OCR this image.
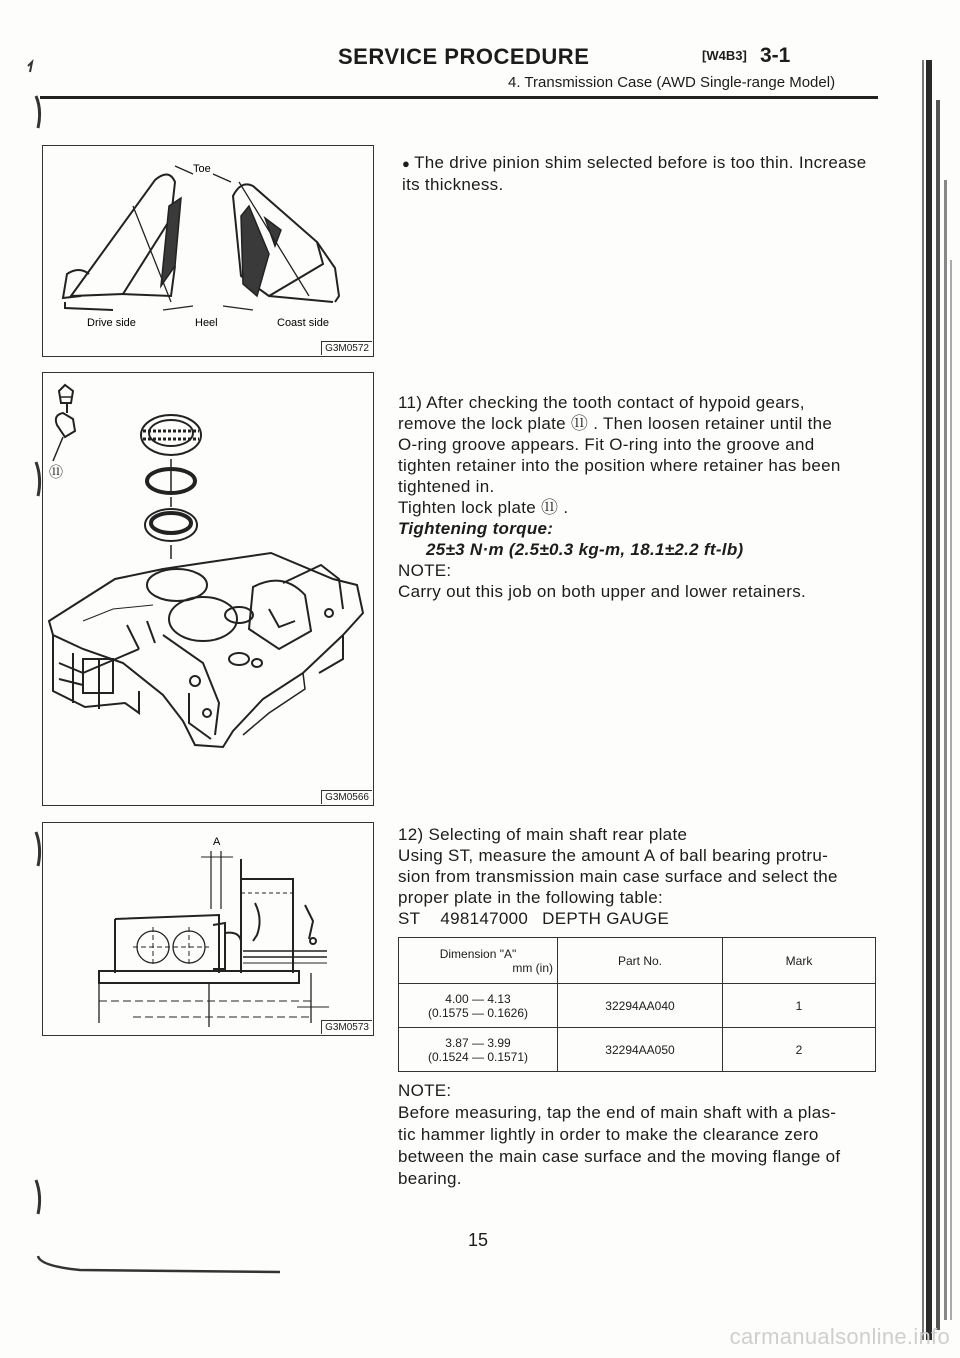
SERVICE PROCEDURE	[W4B3] 3-1
4. Transmission Case (AWD Single-range Model)
Toe
Drive side	Heel	Coast side
G3M0572
⑪
G3M0566
A
G3M0573
● The drive pinion shim selected before is too thin. Increase its thickness.
11) After checking the tooth contact of hypoid gears,
remove the lock plate ⑪ . Then loosen retainer until the
O-ring groove appears. Fit O-ring into the groove and
tighten retainer into the position where retainer has been
tightened in.
Tighten lock plate ⑪ .
Tightening torque:
25±3 N·m (2.5±0.3 kg-m, 18.1±2.2 ft-lb)
NOTE:
Carry out this job on both upper and lower retainers.
12) Selecting of main shaft rear plate
Using ST, measure the amount A of ball bearing protru-
sion from transmission main case surface and select the
proper plate in the following table:
ST 498147000 DEPTH GAUGE
Dimension "A"
mm (in)	Part No.	Mark

4.00 — 4.13
(0.1575 — 0.1626)	32294AA040	1

3.87 — 3.99
(0.1524 — 0.1571)	32294AA050	2
NOTE:
Before measuring, tap the end of main shaft with a plas-
tic hammer lightly in order to make the clearance zero
between the main case surface and the moving flange of
bearing.
15
carmanualsonline.info
